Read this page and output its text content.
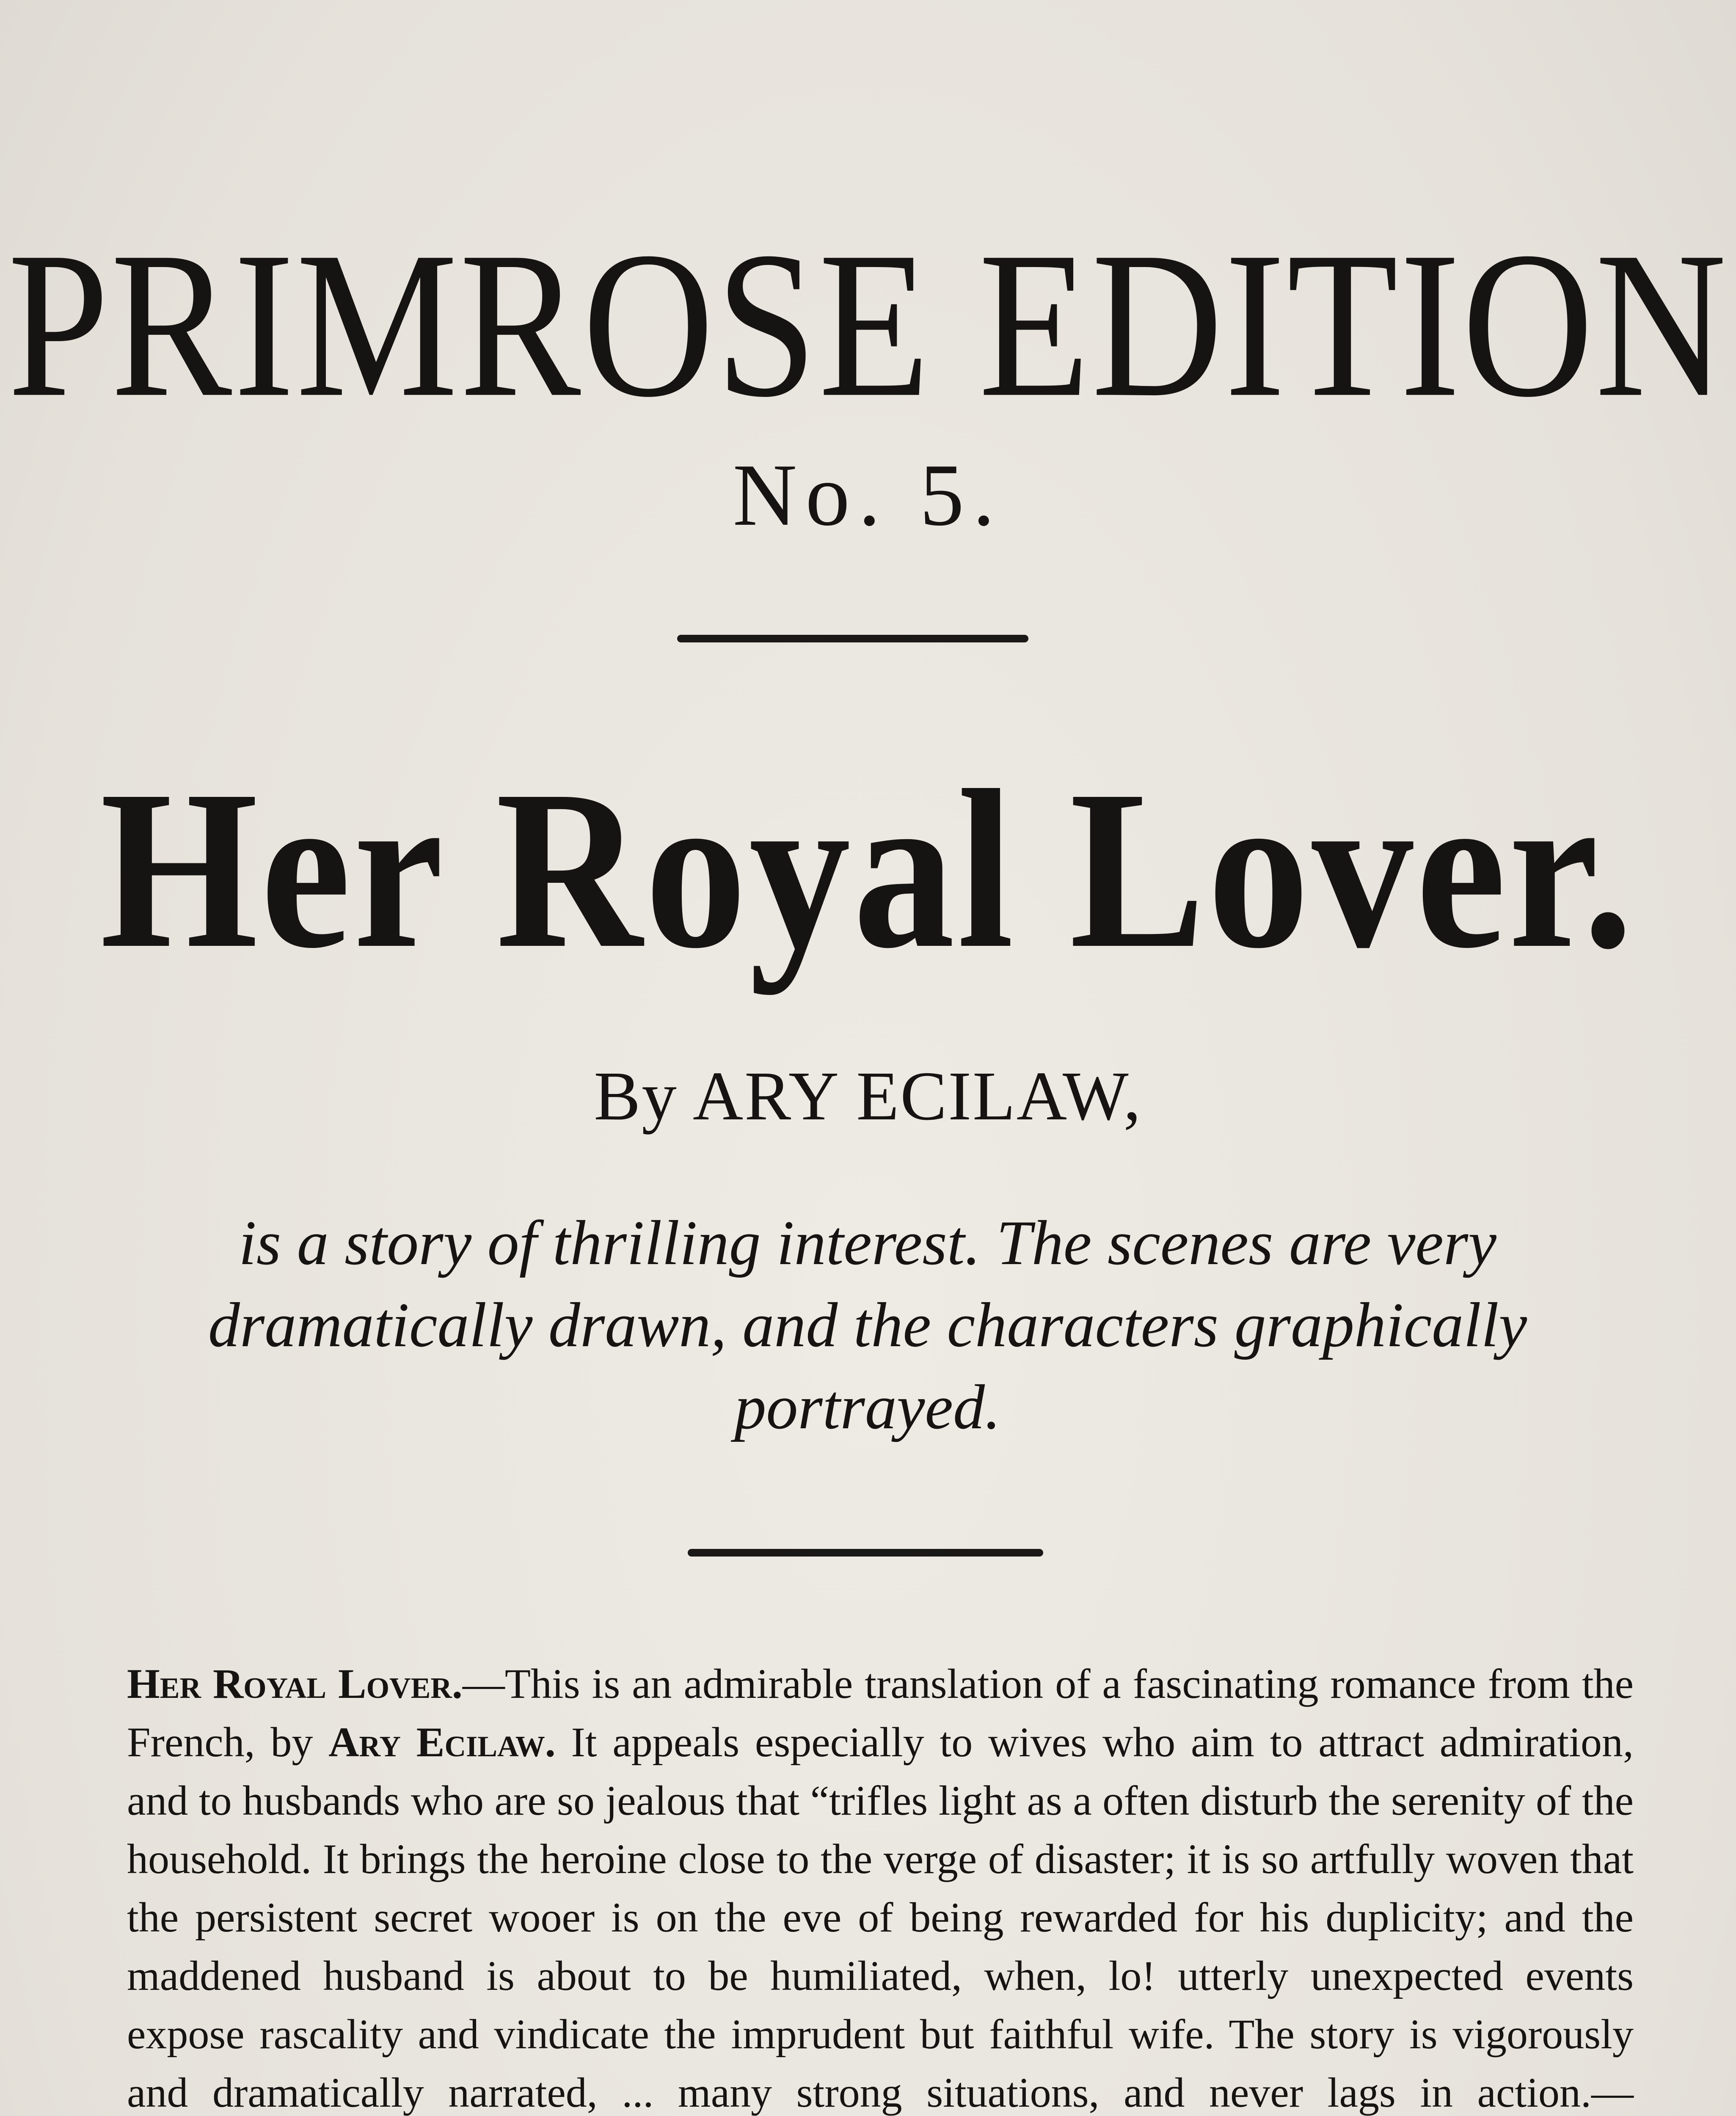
PRIMROSE EDITION
No. 5.
Her Royal Lover.
By ARY ECILAW,
is a story of thrilling interest. The scenes are very dramatically drawn, and the characters graphically portrayed.
Her Royal Lover.—This is an admirable translation of a fascinating romance from the French, by Ary Ecilaw. It appeals especially to wives who aim to attract admiration, and to husbands who are so jealous that “trifles light as a often disturb the serenity of the household. It brings the heroine close to the verge of disaster; it is so artfully woven that the persistent secret wooer is on the eve of being rewarded for his duplicity; and the maddened husband is about to be humiliated, when, lo! utterly unexpected events expose rascality and vindicate the imprudent but faithful wife. The story is vigorously and dramatically narrated, ... many strong situations, and never lags in action.—
